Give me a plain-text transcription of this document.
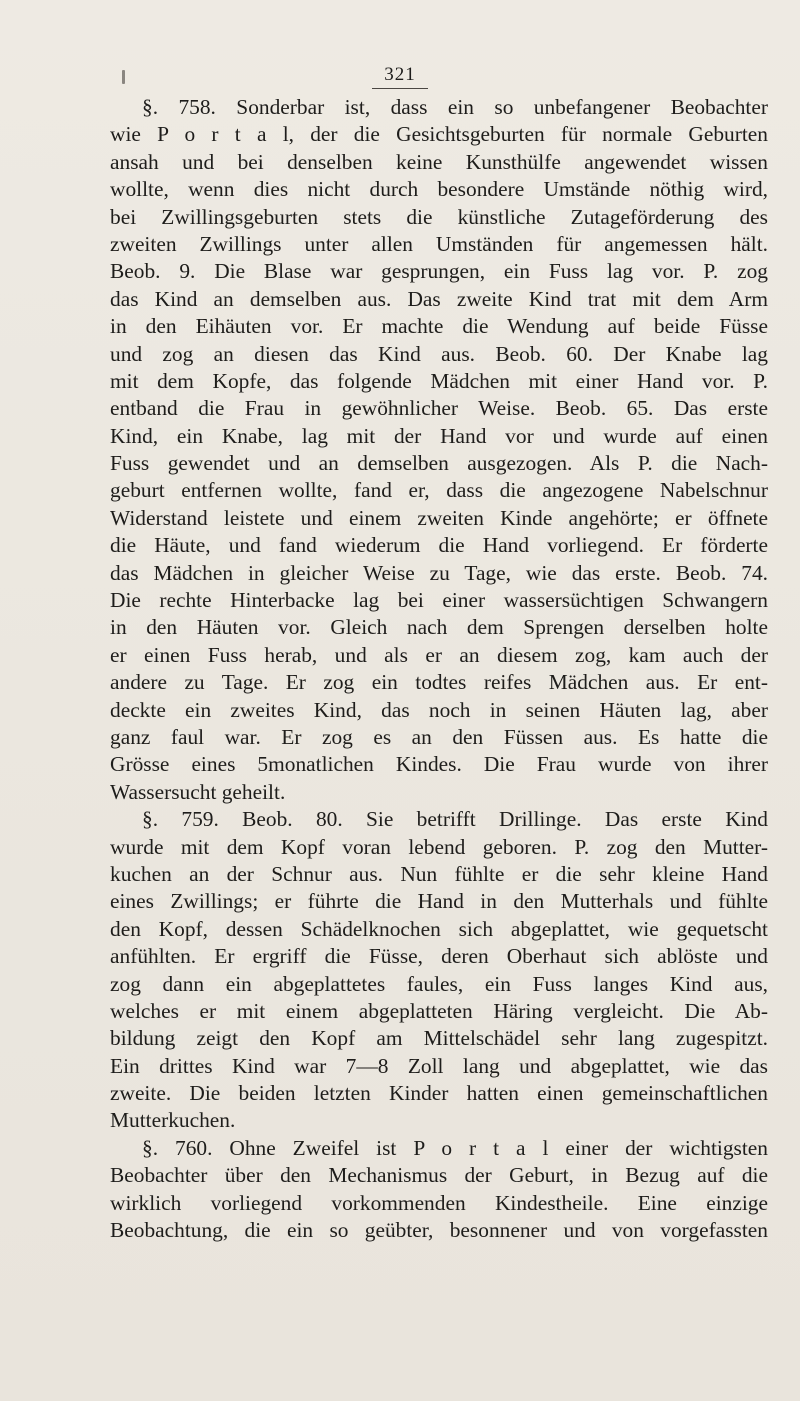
321
§. 758. Sonderbar ist, dass ein so unbefangener Beobachter
wie P o r t a l, der die Gesichtsgeburten für normale Geburten
ansah und bei denselben keine Kunsthülfe angewendet wissen
wollte, wenn dies nicht durch besondere Umstände nöthig wird,
bei Zwillingsgeburten stets die künstliche Zutageförderung des
zweiten Zwillings unter allen Umständen für angemessen hält.
Beob. 9. Die Blase war gesprungen, ein Fuss lag vor. P. zog
das Kind an demselben aus. Das zweite Kind trat mit dem Arm
in den Eihäuten vor. Er machte die Wendung auf beide Füsse
und zog an diesen das Kind aus. Beob. 60. Der Knabe lag
mit dem Kopfe, das folgende Mädchen mit einer Hand vor. P.
entband die Frau in gewöhnlicher Weise. Beob. 65. Das erste
Kind, ein Knabe, lag mit der Hand vor und wurde auf einen
Fuss gewendet und an demselben ausgezogen. Als P. die Nach-
geburt entfernen wollte, fand er, dass die angezogene Nabelschnur
Widerstand leistete und einem zweiten Kinde angehörte; er öffnete
die Häute, und fand wiederum die Hand vorliegend. Er förderte
das Mädchen in gleicher Weise zu Tage, wie das erste. Beob. 74.
Die rechte Hinterbacke lag bei einer wassersüchtigen Schwangern
in den Häuten vor. Gleich nach dem Sprengen derselben holte
er einen Fuss herab, und als er an diesem zog, kam auch der
andere zu Tage. Er zog ein todtes reifes Mädchen aus. Er ent-
deckte ein zweites Kind, das noch in seinen Häuten lag, aber
ganz faul war. Er zog es an den Füssen aus. Es hatte die
Grösse eines 5monatlichen Kindes. Die Frau wurde von ihrer
Wassersucht geheilt.
§. 759. Beob. 80. Sie betrifft Drillinge. Das erste Kind
wurde mit dem Kopf voran lebend geboren. P. zog den Mutter-
kuchen an der Schnur aus. Nun fühlte er die sehr kleine Hand
eines Zwillings; er führte die Hand in den Mutterhals und fühlte
den Kopf, dessen Schädelknochen sich abgeplattet, wie gequetscht
anfühlten. Er ergriff die Füsse, deren Oberhaut sich ablöste und
zog dann ein abgeplattetes faules, ein Fuss langes Kind aus,
welches er mit einem abgeplatteten Häring vergleicht. Die Ab-
bildung zeigt den Kopf am Mittelschädel sehr lang zugespitzt.
Ein drittes Kind war 7—8 Zoll lang und abgeplattet, wie das
zweite. Die beiden letzten Kinder hatten einen gemeinschaftlichen
Mutterkuchen.
§. 760. Ohne Zweifel ist P o r t a l einer der wichtigsten
Beobachter über den Mechanismus der Geburt, in Bezug auf die
wirklich vorliegend vorkommenden Kindestheile. Eine einzige
Beobachtung, die ein so geübter, besonnener und von vorgefassten
